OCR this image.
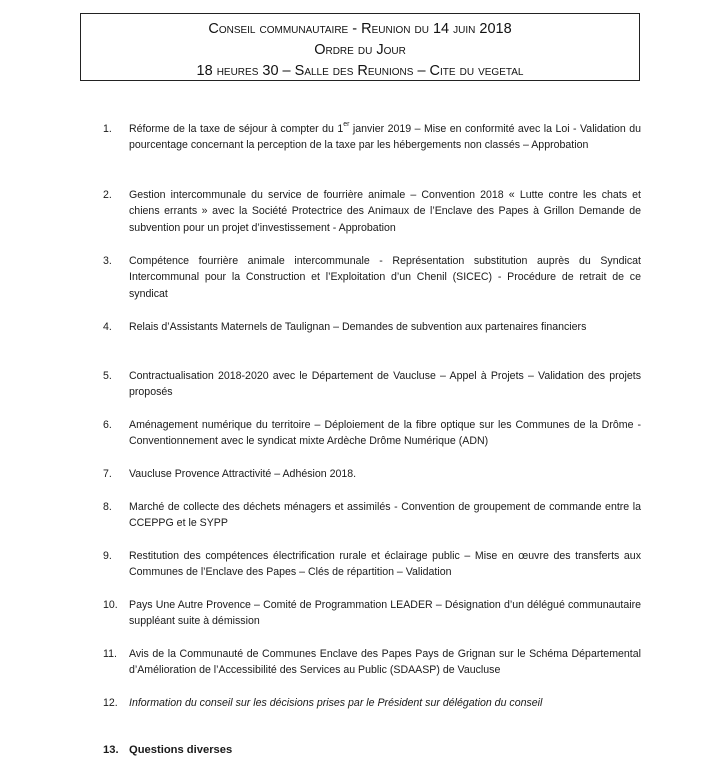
Conseil communautaire - Reunion du 14 juin 2018
Ordre du Jour
18 heures 30 – Salle des Reunions – Cite du vegetal
1.	Réforme de la taxe de séjour à compter du 1er janvier 2019 – Mise en conformité avec la Loi - Validation du pourcentage concernant la perception de la taxe par les hébergements non classés – Approbation
2.	Gestion intercommunale du service de fourrière animale – Convention 2018 « Lutte contre les chats et chiens errants » avec la Société Protectrice des Animaux de l’Enclave des Papes à Grillon Demande de subvention pour un projet d’investissement - Approbation
3.	Compétence fourrière animale intercommunale - Représentation substitution auprès du Syndicat Intercommunal pour la Construction et l’Exploitation d’un Chenil (SICEC) - Procédure de retrait de ce syndicat
4.	Relais d’Assistants Maternels de Taulignan – Demandes de subvention aux partenaires financiers
5.	Contractualisation 2018-2020 avec le Département de Vaucluse – Appel à Projets – Validation des projets proposés
6.	Aménagement numérique du territoire – Déploiement de la fibre optique sur les Communes de la Drôme - Conventionnement avec le syndicat mixte Ardèche Drôme Numérique (ADN)
7.	Vaucluse Provence Attractivité – Adhésion 2018.
8.	Marché de collecte des déchets ménagers et assimilés - Convention de groupement de commande entre la CCEPPG et le SYPP
9.	Restitution des compétences électrification rurale et éclairage public – Mise en œuvre des transferts aux Communes de l’Enclave des Papes – Clés de répartition – Validation
10.	Pays Une Autre Provence – Comité de Programmation LEADER – Désignation d’un délégué communautaire suppléant suite à démission
11.	Avis de la Communauté de Communes Enclave des Papes Pays de Grignan sur le Schéma Départemental d’Amélioration de l’Accessibilité des Services au Public (SDAASP) de Vaucluse
12.	Information du conseil sur les décisions prises par le Président sur délégation du conseil
13. Questions diverses
